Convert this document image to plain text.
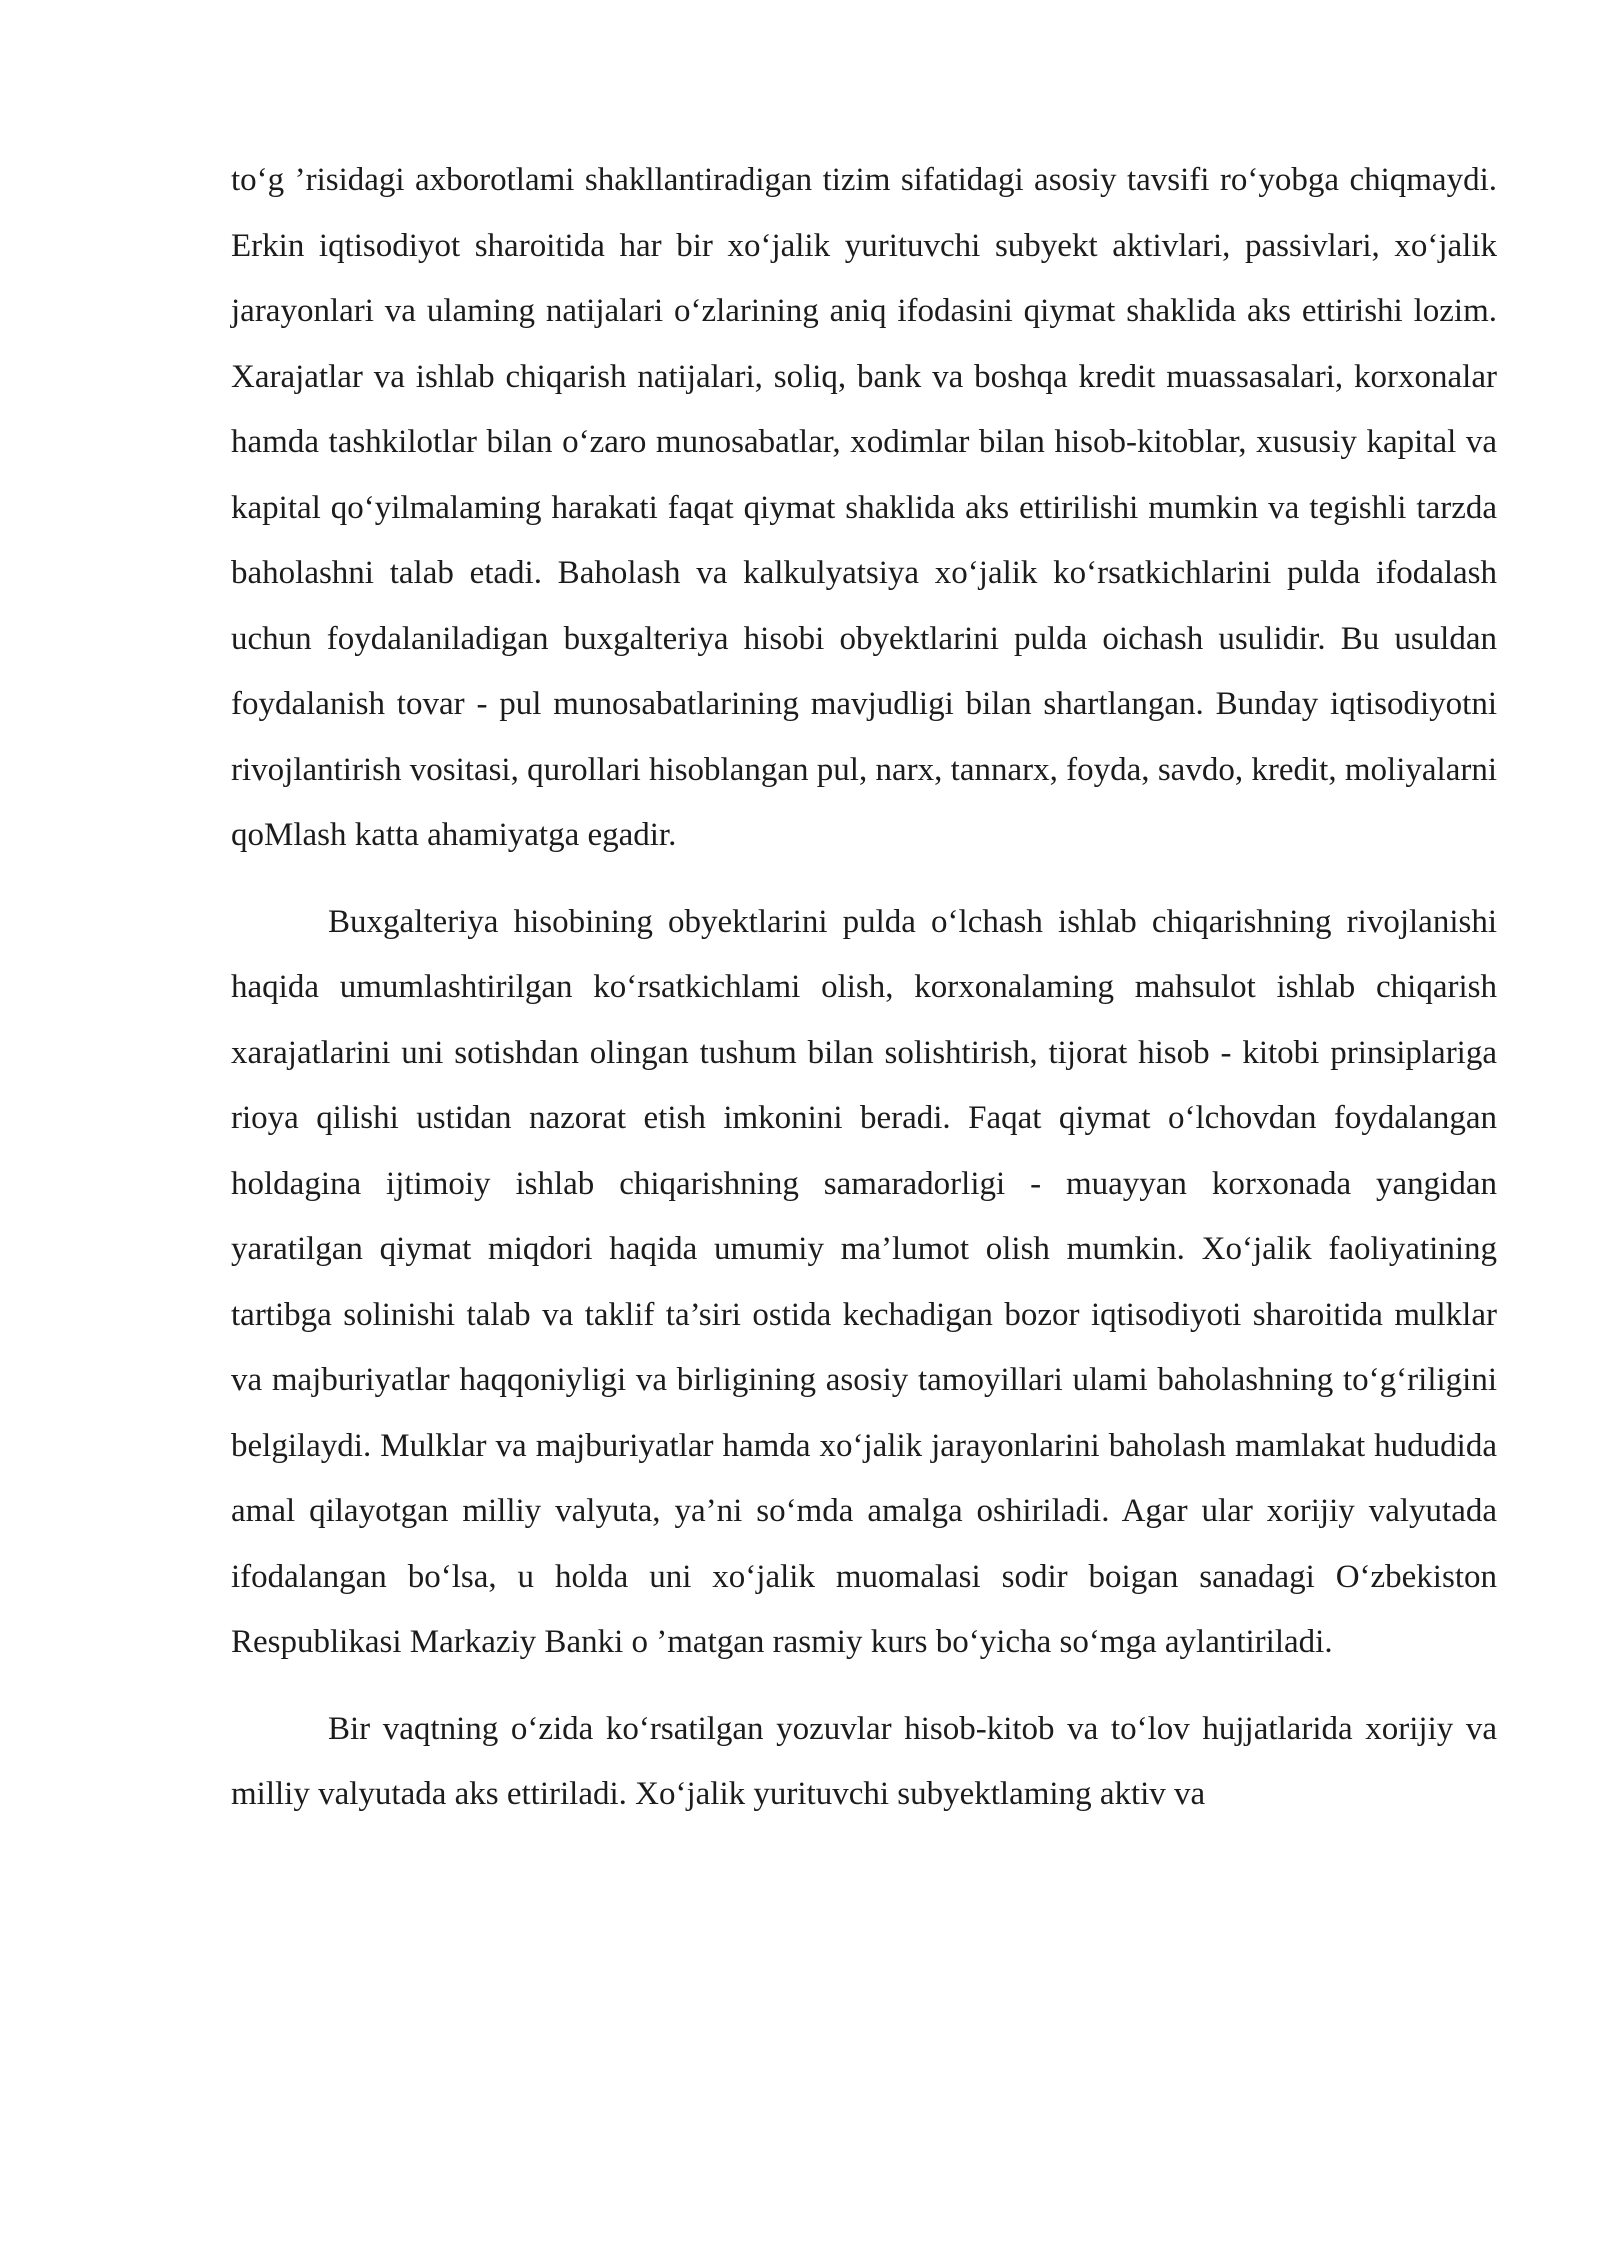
to‘g ’risidagi axborotlami shakllantiradigan tizim sifatidagi asosiy tavsifi ro‘yobga chiqmaydi. Erkin iqtisodiyot sharoitida har bir xo‘jalik yurituvchi subyekt aktivlari, passivlari, xo‘jalik jarayonlari va ulaming natijalari o‘zlarining aniq ifodasini qiymat shaklida aks ettirishi lozim. Xarajatlar va ishlab chiqarish natijalari, soliq, bank va boshqa kredit muassasalari, korxonalar hamda tashkilotlar bilan o‘zaro munosabatlar, xodimlar bilan hisob-kitoblar, xususiy kapital va kapital qo‘yilmalaming harakati faqat qiymat shaklida aks ettirilishi mumkin va tegishli tarzda baholashni talab etadi. Baholash va kalkulyatsiya xo‘jalik ko‘rsatkichlarini pulda ifodalash uchun foydalaniladigan buxgalteriya hisobi obyektlarini pulda oichash usulidir. Bu usuldan foydalanish tovar - pul munosabatlarining mavjudligi bilan shartlangan. Bunday iqtisodiyotni rivojlantirish vositasi, qurollari hisoblangan pul, narx, tannarx, foyda, savdo, kredit, moliyalarni qoMlash katta ahamiyatga egadir.

Buxgalteriya hisobining obyektlarini pulda o‘lchash ishlab chiqarishning rivojlanishi haqida umumlashtirilgan ko‘rsatkichlami olish, korxonalaming mahsulot ishlab chiqarish xarajatlarini uni sotishdan olingan tushum bilan solishtirish, tijorat hisob - kitobi prinsiplariga rioya qilishi ustidan nazorat etish imkonini beradi. Faqat qiymat o‘lchovdan foydalangan holdagina ijtimoiy ishlab chiqarishning samaradorligi - muayyan korxonada yangidan yaratilgan qiymat miqdori haqida umumiy ma’lumot olish mumkin. Xo‘jalik faoliyatining tartibga solinishi talab va taklif ta’siri ostida kechadigan bozor iqtisodiyoti sharoitida mulklar va majburiyatlar haqqoniyligi va birligining asosiy tamoyillari ulami baholashning to‘g‘riligini belgilaydi. Mulklar va majburiyatlar hamda xo‘jalik jarayonlarini baholash mamlakat hududida amal qilayotgan milliy valyuta, ya’ni so‘mda amalga oshiriladi. Agar ular xorijiy valyutada ifodalangan bo‘lsa, u holda uni xo‘jalik muomalasi sodir boigan sanadagi O‘zbekiston Respublikasi Markaziy Banki o ’matgan rasmiy kurs bo‘yicha so‘mga aylantiriladi.

Bir vaqtning o‘zida ko‘rsatilgan yozuvlar hisob-kitob va to‘lov hujjatlarida xorijiy va milliy valyutada aks ettiriladi. Xo‘jalik yurituvchi subyektlaming aktiv va
